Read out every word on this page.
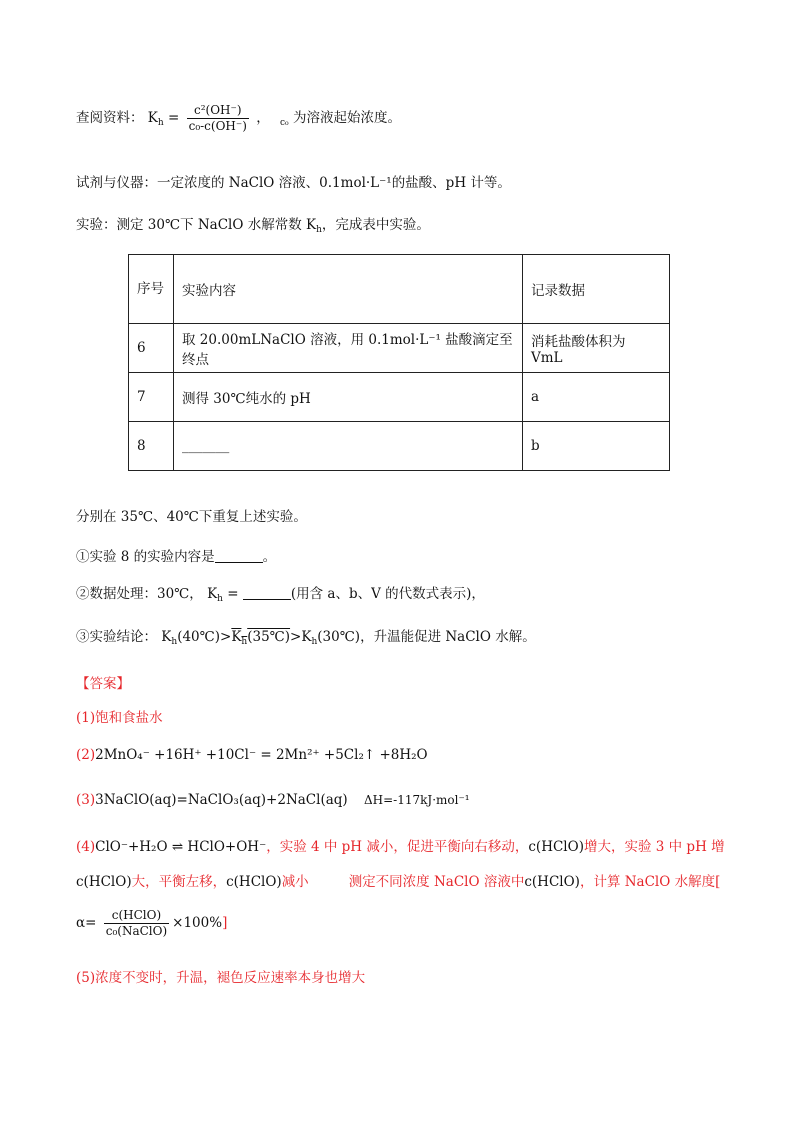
查阅资料： $K_h = \frac{\text{c²(OH⁻)}}{\text{c₀-c(OH⁻)}}$ ， $_{c_0}$ 为溶液起始浓度。
试剂与仪器：一定浓度的 NaClO 溶液、0.1mol·L⁻¹的盐酸、pH 计等。
实验：测定 30℃下 NaClO 水解常数 $K_h$，完成表中实验。
序号	实验内容	记录数据
6	取 20.00mLNaClO 溶液，用 0.1mol·L⁻¹ 盐酸滴定至终点	消耗盐酸体积为 VmL
7	测得 30℃纯水的 pH	a
8	_______	b
分别在 35℃、40℃下重复上述实验。
①实验 8 的实验内容是	。
②数据处理：30℃， $K_h$ =	(用含 a、b、V 的代数式表示)，
③实验结论： $K_h(40℃)>K_h(35℃)>K_h(30℃)$，升温能促进 NaClO 水解。
【答案】
(1)饱和食盐水
(2)2MnO₄⁻ +16H⁺ +10Cl⁻ = 2Mn²⁺ +5Cl₂↑ +8H₂O
(3)3NaClO(aq)=NaClO₃(aq)+2NaCl(aq) ΔH=-117kJ·mol⁻¹
(4)ClO⁻+H₂O ⇌ HClO+OH⁻，实验 4 中 pH 减小，促进平衡向右移动，c(HClO)增大，实验 3 中 pH 增
c(HClO)大，平衡左移，c(HClO)减小	测定不同浓度 NaClO 溶液中c(HClO)，计算 NaClO 水解度[
$\alpha= \frac{\text{c(HClO)}}{\text{c₀(NaClO)}} \times 100\%$]
(5)浓度不变时，升温，褪色反应速率本身也增大
